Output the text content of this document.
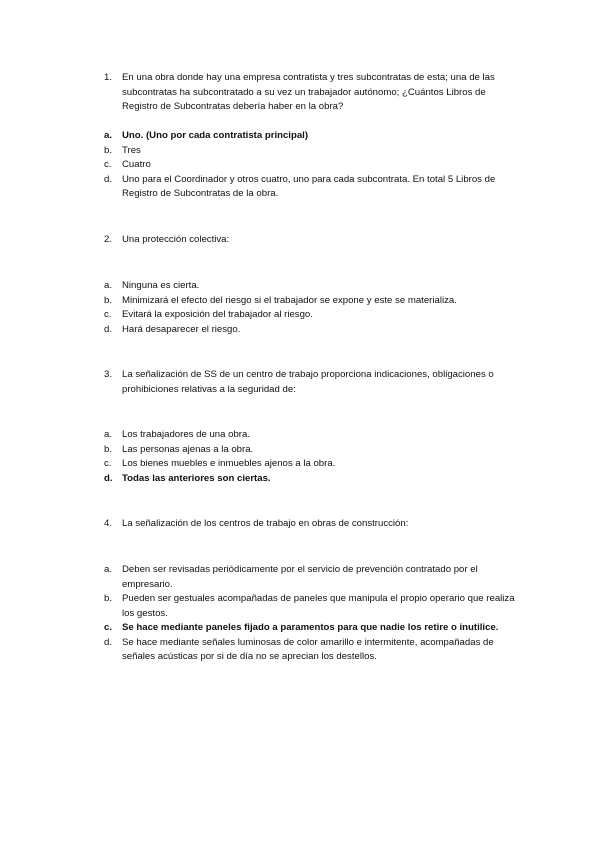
1.	En una obra donde hay una empresa contratista y tres subcontratas de esta; una de las subcontratas ha subcontratado a su vez un trabajador autónomo; ¿Cuántos Libros de Registro de Subcontratas debería haber en la obra?
a.	Uno. (Uno por cada contratista principal)
b.	Tres
c.	Cuatro
d.	Uno para el Coordinador y otros cuatro, uno para cada subcontrata. En total 5 Libros de Registro de Subcontratas de la obra.
2.	Una protección colectiva:
a.	Ninguna es cierta.
b.	Minimizará el efecto del riesgo si el trabajador se expone y este se materializa.
c.	Evitará la exposición del trabajador al riesgo.
d.	Hará desaparecer el riesgo.
3.	La señalización de SS de un centro de trabajo proporciona indicaciones, obligaciones o prohibiciones relativas a la seguridad de:
a.	Los trabajadores de una obra.
b.	Las personas ajenas a la obra.
c.	Los bienes muebles e inmuebles ajenos a la obra.
d. Todas las anteriores son ciertas.
4.	La señalización de los centros de trabajo en obras de construcción:
a.	Deben ser revisadas periódicamente por el servicio de prevención contratado por el empresario.
b.	Pueden ser gestuales acompañadas de paneles que manipula el propio operario que realiza los gestos.
c.	Se hace mediante paneles fijado a paramentos para que nadie los retire o inutilice.
d.	Se hace mediante señales luminosas de color amarillo e intermitente, acompañadas de señales acústicas por si de día no se aprecian los destellos.
